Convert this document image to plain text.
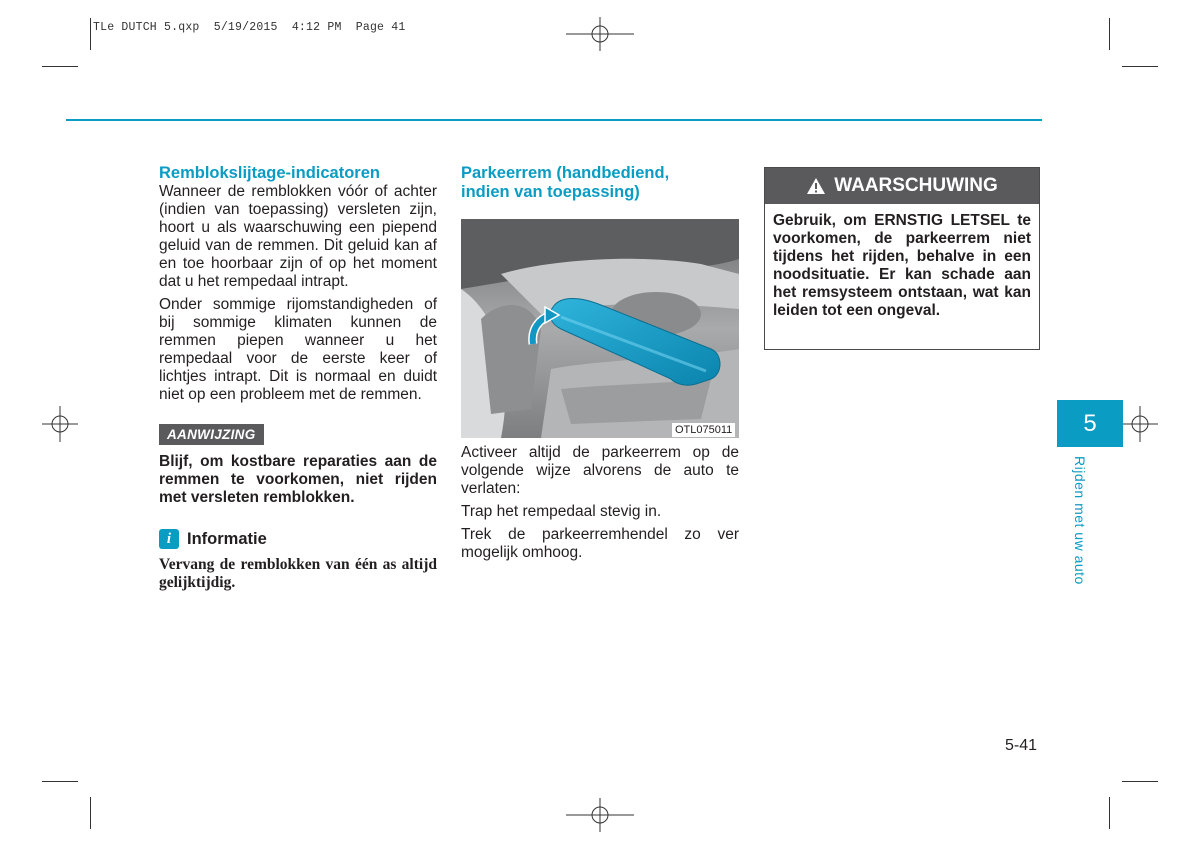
TLe DUTCH 5.qxp  5/19/2015  4:12 PM  Page 41
Remblokslijtage-indicatoren

Wanneer de remblokken vóór of achter (indien van toepassing) versleten zijn, hoort u als waarschuwing een piepend geluid van de remmen. Dit geluid kan af en toe hoorbaar zijn of op het moment dat u het rempedaal intrapt.

Onder sommige rijomstandigheden of bij sommige klimaten kunnen de remmen piepen wanneer u het rempedaal voor de eerste keer of lichtjes intrapt. Dit is normaal en duidt niet op een probleem met de remmen.

AANWIJZING
Blijf, om kostbare reparaties aan de remmen te voorkomen, niet rijden met versleten remblokken.
i Informatie
Vervang de remblokken van één as altijd gelijktijdig.
Parkeerrem (handbediend, indien van toepassing)
OTL075011

Activeer altijd de parkeerrem op de volgende wijze alvorens de auto te verlaten:

Trap het rempedaal stevig in.

Trek de parkeerremhendel zo ver mogelijk omhoog.

WAARSCHUWING
Gebruik, om ERNSTIG LETSEL te voorkomen, de parkeerrem niet tijdens het rijden, behalve in een noodsituatie. Er kan schade aan het remsysteem ontstaan, wat kan leiden tot een ongeval.
5
Rijden met uw auto
5-41
